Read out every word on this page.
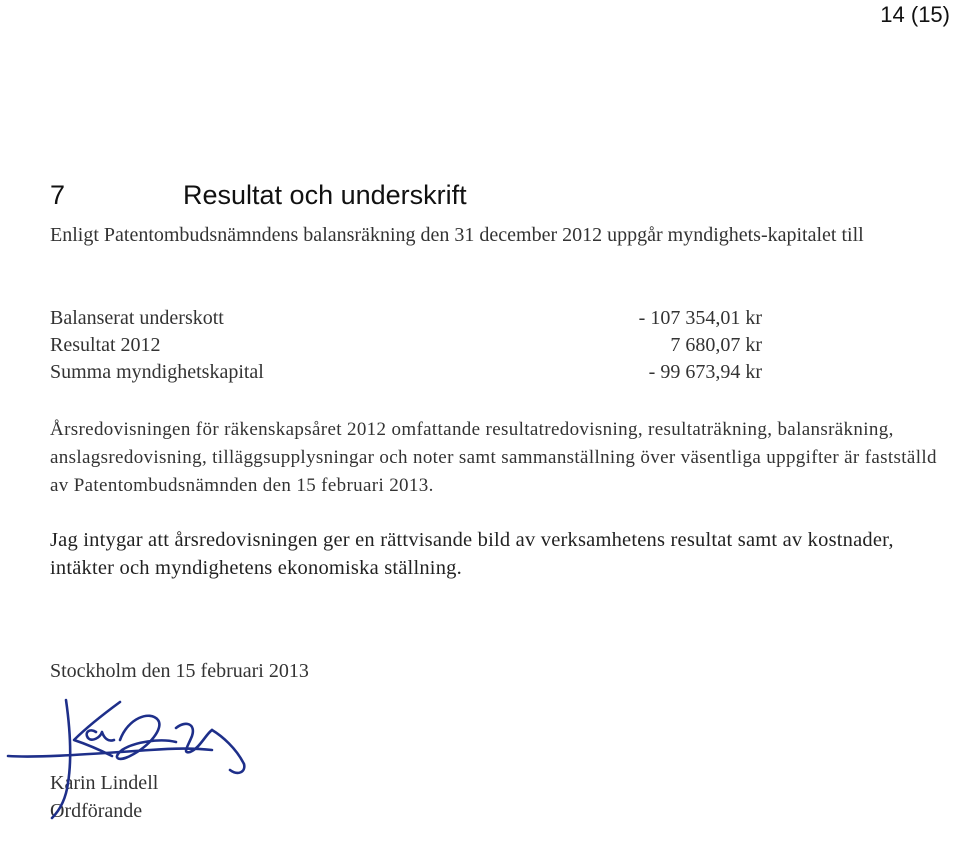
14 (15)
7	Resultat och underskrift
Enligt Patentombudsnämndens balansräkning den 31 december 2012 uppgår myndighets-kapitalet till
Balanserat underskott	- 107 354,01 kr
Resultat 2012	7 680,07 kr
Summa myndighetskapital	- 99 673,94 kr
Årsredovisningen för räkenskapsåret 2012 omfattande resultatredovisning, resultaträkning, balansräkning, anslagsredovisning, tilläggsupplysningar och noter samt sammanställning över väsentliga uppgifter är fastställd av Patentombudsnämnden den 15 februari 2013.
Jag intygar att årsredovisningen ger en rättvisande bild av verksamhetens resultat samt av kostnader, intäkter och myndighetens ekonomiska ställning.
Stockholm den 15 februari 2013
Karin Lindell
Ordförande
